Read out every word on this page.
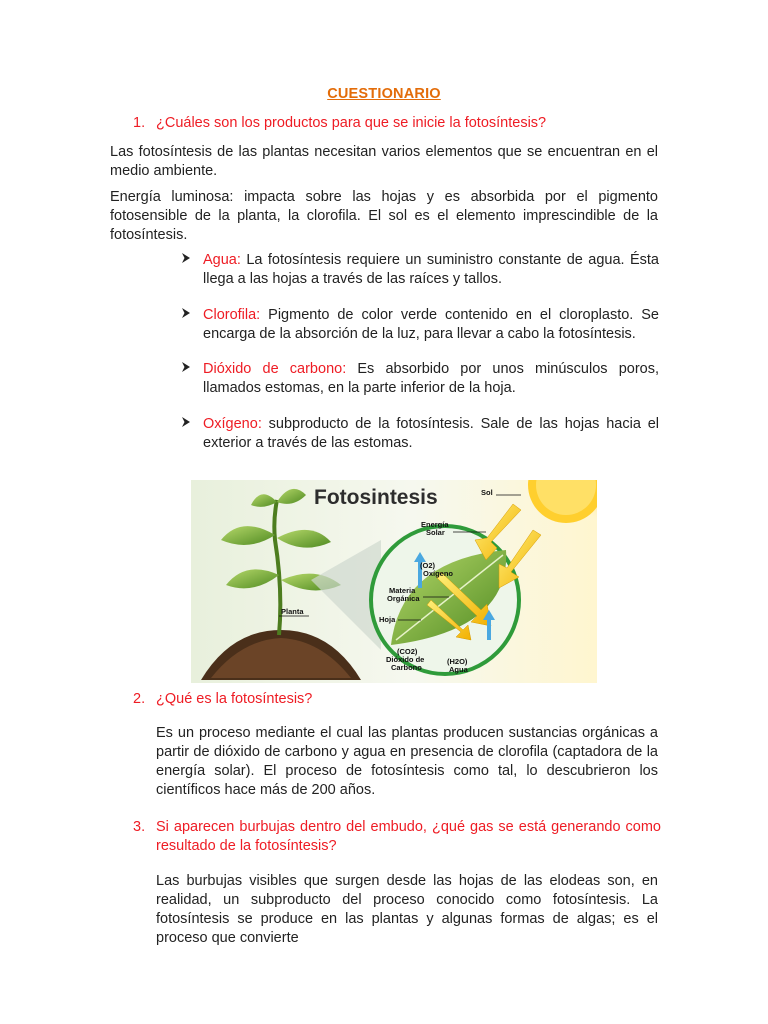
CUESTIONARIO
1. ¿Cuáles son los productos para que se inicie la fotosíntesis?
Las fotosíntesis de las plantas necesitan varios elementos que se encuentran en el medio ambiente.
Energía luminosa: impacta sobre las hojas y es absorbida por el pigmento fotosensible de la planta, la clorofila. El sol es el elemento imprescindible de la fotosíntesis.
Agua: La fotosíntesis requiere un suministro constante de agua. Ésta llega a las hojas a través de las raíces y tallos.
Clorofila: Pigmento de color verde contenido en el cloroplasto. Se encarga de la absorción de la luz, para llevar a cabo la fotosíntesis.
Dióxido de carbono: Es absorbido por unos minúsculos poros, llamados estomas, en la parte inferior de la hoja.
Oxígeno: subproducto de la fotosíntesis. Sale de las hojas hacia el exterior a través de las estomas.
Fotosintesis	Sol
Energía
Solar
(O2)
Oxígeno
Materia
Orgánica
Hoja
Planta
(CO2)
Dióxido de
Carbono
(H2O)
Agua
2. ¿Qué es la fotosíntesis?
Es un proceso mediante el cual las plantas producen sustancias orgánicas a partir de dióxido de carbono y agua en presencia de clorofila (captadora de la energía solar). El proceso de fotosíntesis como tal, lo descubrieron los científicos hace más de 200 años.
3. Si aparecen burbujas dentro del embudo, ¿qué gas se está generando como resultado de la fotosíntesis?
Las burbujas visibles que surgen desde las hojas de las elodeas son, en realidad, un subproducto del proceso conocido como fotosíntesis. La fotosíntesis se produce en las plantas y algunas formas de algas; es el proceso que convierte
